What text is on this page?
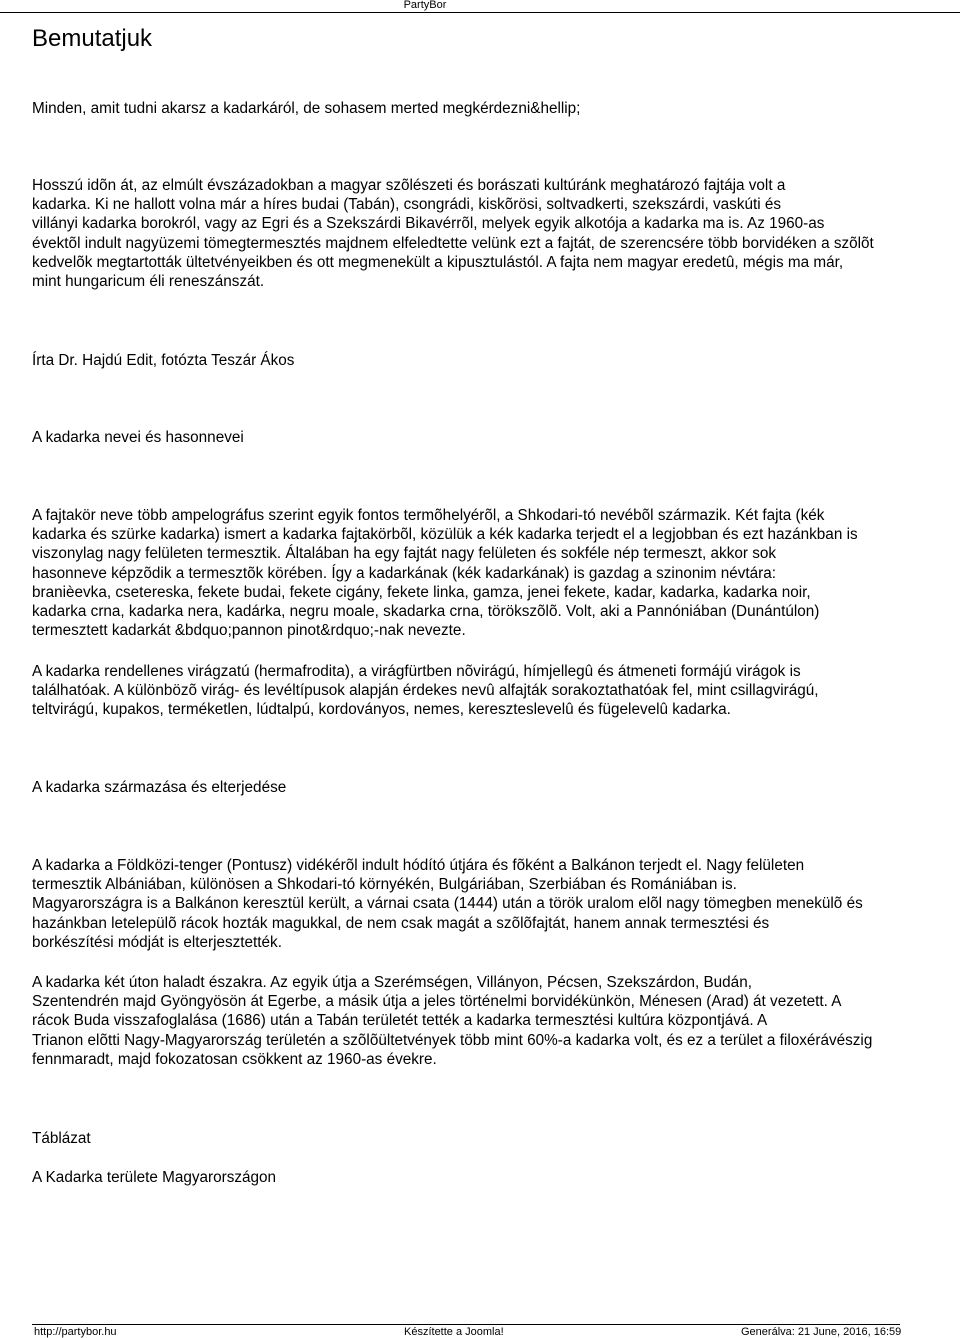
PartyBor
Bemutatjuk

Minden, amit tudni akarsz a kadarkáról, de sohasem merted megkérdezni&hellip;

Hosszú idõn át, az elmúlt évszázadokban a magyar szõlészeti és borászati kultúránk meghatározó fajtája volt a
kadarka. Ki ne hallott volna már a híres budai (Tabán), csongrádi, kiskõrösi, soltvadkerti, szekszárdi, vaskúti és
villányi kadarka borokról, vagy az Egri és a Szekszárdi Bikavérrõl, melyek egyik alkotója a kadarka ma is. Az 1960-as
évektõl indult nagyüzemi tömegtermesztés majdnem elfeledtette velünk ezt a fajtát, de szerencsére több borvidéken a szõlõt
kedvelõk megtartották ültetvényeikben és ott megmenekült a kipusztulástól. A fajta nem magyar eredetû, mégis ma már,
mint hungaricum éli reneszánszát.

Írta Dr. Hajdú Edit, fotózta Teszár Ákos

A kadarka nevei és hasonnevei

A fajtakör neve több ampelográfus szerint egyik fontos termõhelyérõl, a Shkodari-tó nevébõl származik. Két fajta (kék
kadarka és szürke kadarka) ismert a kadarka fajtakörbõl, közülük a kék kadarka terjedt el a legjobban és ezt hazánkban is
viszonylag nagy felületen termesztik. Általában ha egy fajtát nagy felületen és sokféle nép termeszt, akkor sok
hasonneve képzõdik a termesztõk körében. Így a kadarkának (kék kadarkának) is gazdag a szinonim névtára:
branièevka, csetereska, fekete budai, fekete cigány, fekete linka, gamza, jenei fekete, kadar, kadarka, kadarka noir,
kadarka crna, kadarka nera, kadárka, negru moale, skadarka crna, törökszõlõ. Volt, aki a Pannóniában (Dunántúlon)
termesztett kadarkát &bdquo;pannon pinot&rdquo;-nak nevezte.

A kadarka rendellenes virágzatú (hermafrodita), a virágfürtben nõvirágú, hímjellegû és átmeneti formájú virágok is
találhatóak. A különbözõ virág- és levéltípusok alapján érdekes nevû alfajták sorakoztathatóak fel, mint csillagvirágú,
teltvirágú, kupakos, terméketlen, lúdtalpú, kordoványos, nemes, kereszteslevelû és fügelevelû kadarka.

A kadarka származása és elterjedése

A kadarka a Földközi-tenger (Pontusz) vidékérõl indult hódító útjára és fõként a Balkánon terjedt el. Nagy felületen
termesztik Albániában, különösen a Shkodari-tó környékén, Bulgáriában, Szerbiában és Romániában is.
Magyarországra is a Balkánon keresztül került, a várnai csata (1444) után a török uralom elõl nagy tömegben menekülõ és
hazánkban letelepülõ rácok hozták magukkal, de nem csak magát a szõlõfajtát, hanem annak termesztési és
borkészítési módját is elterjesztették.

A kadarka két úton haladt északra. Az egyik útja a Szerémségen, Villányon, Pécsen, Szekszárdon, Budán,
Szentendrén majd Gyöngyösön át Egerbe, a másik útja a jeles történelmi borvidékünkön, Ménesen (Arad) át vezetett. A
rácok Buda visszafoglalása (1686) után a Tabán területét tették a kadarka termesztési kultúra központjává. A
Trianon elõtti Nagy-Magyarország területén a szõlõültetvények több mint 60%-a kadarka volt, és ez a terület a filoxérávészig
fennmaradt, majd fokozatosan csökkent az 1960-as évekre.

Táblázat

A Kadarka területe Magyarországon

http://partybor.hu	Készítette a Joomla!	Generálva: 21 June, 2016, 16:59
